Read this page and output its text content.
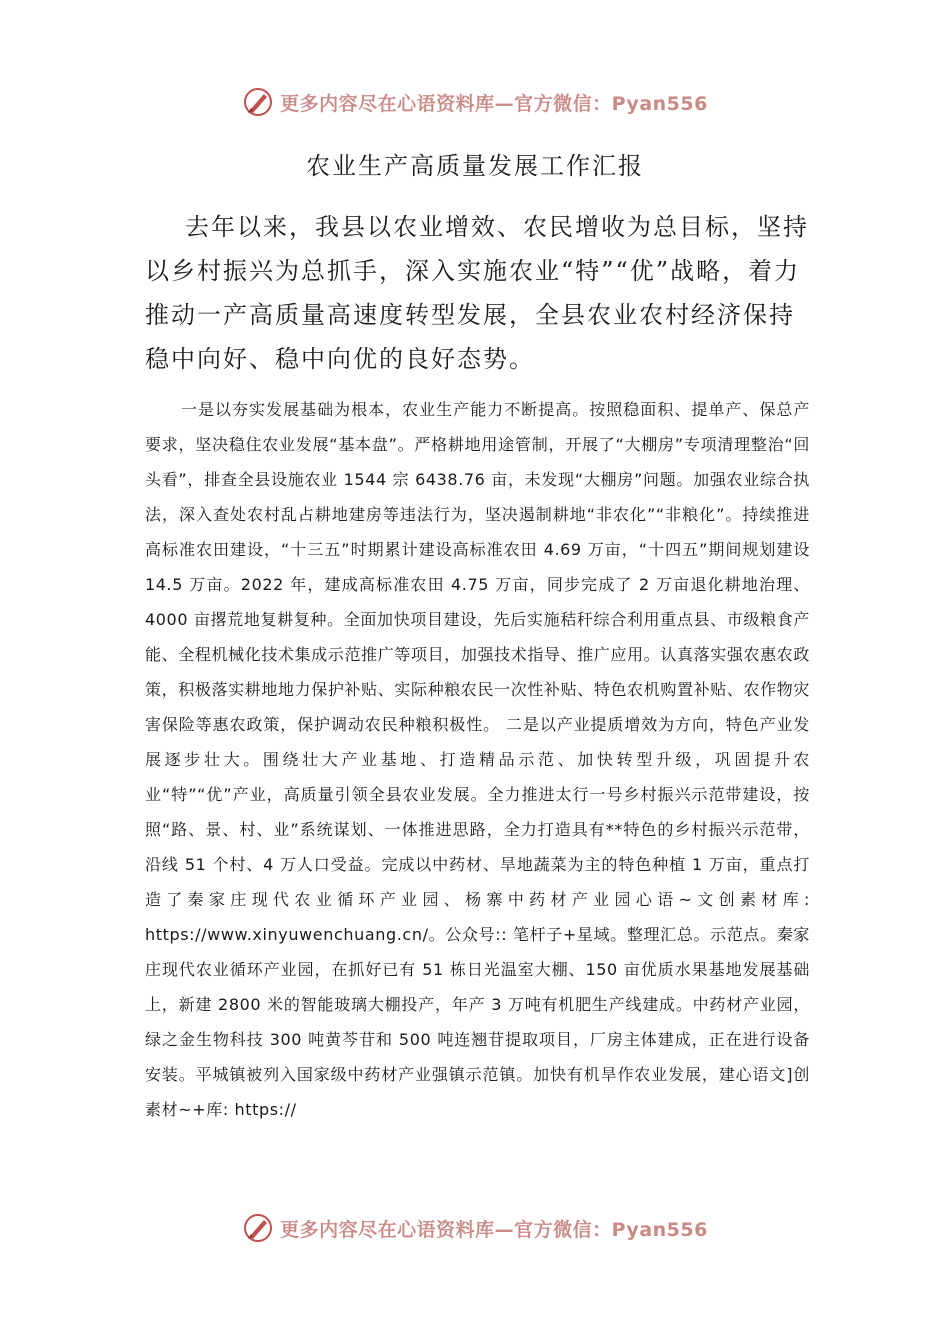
更多内容尽在心语资料库—官方微信：Pyan556
农业生产高质量发展工作汇报

去年以来，我县以农业增效、农民增收为总目标，坚持以乡村振兴为总抓手，深入实施农业“特”“优”战略，着力推动一产高质量高速度转型发展，全县农业农村经济保持稳中向好、稳中向优的良好态势。

一是以夯实发展基础为根本，农业生产能力不断提高。按照稳面积、提单产、保总产要求，坚决稳住农业发展“基本盘”。严格耕地用途管制，开展了“大棚房”专项清理整治“回头看”，排查全县设施农业 1544 宗 6438.76 亩，未发现“大棚房”问题。加强农业综合执法，深入查处农村乱占耕地建房等违法行为，坚决遏制耕地“非农化”“非粮化”。持续推进高标准农田建设，“十三五”时期累计建设高标准农田 4.69 万亩，“十四五”期间规划建设 14.5 万亩。2022 年，建成高标准农田 4.75 万亩，同步完成了 2 万亩退化耕地治理、4000 亩撂荒地复耕复种。全面加快项目建设，先后实施秸秆综合利用重点县、市级粮食产能、全程机械化技术集成示范推广等项目，加强技术指导、推广应用。认真落实强农惠农政策，积极落实耕地地力保护补贴、实际种粮农民一次性补贴、特色农机购置补贴、农作物灾害保险等惠农政策，保护调动农民种粮积极性。 二是以产业提质增效为方向，特色产业发展逐步壮大。围绕壮大产业基地、打造精品示范、加快转型升级，巩固提升农业“特”“优”产业，高质量引领全县农业发展。全力推进太行一号乡村振兴示范带建设，按照“路、景、村、业”系统谋划、一体推进思路，全力打造具有**特色的乡村振兴示范带，沿线 51 个村、4 万人口受益。完成以中药材、旱地蔬菜为主的特色种植 1 万亩，重点打造了秦家庄现代农业循环产业园、杨寨中药材产业园心语~文创素材库: https://www.xinyuwenchuang.cn/。公众号:: 笔杆子+星域。整理汇总。示范点。秦家庄现代农业循环产业园，在抓好已有 51 栋日光温室大棚、150 亩优质水果基地发展基础上，新建 2800 米的智能玻璃大棚投产，年产 3 万吨有机肥生产线建成。中药材产业园，绿之金生物科技 300 吨黄芩苷和 500 吨连翘苷提取项目，厂房主体建成，正在进行设备安装。平城镇被列入国家级中药材产业强镇示范镇。加快有机旱作农业发展，建心语文]创素材~+库: https://

更多内容尽在心语资料库—官方微信：Pyan556
